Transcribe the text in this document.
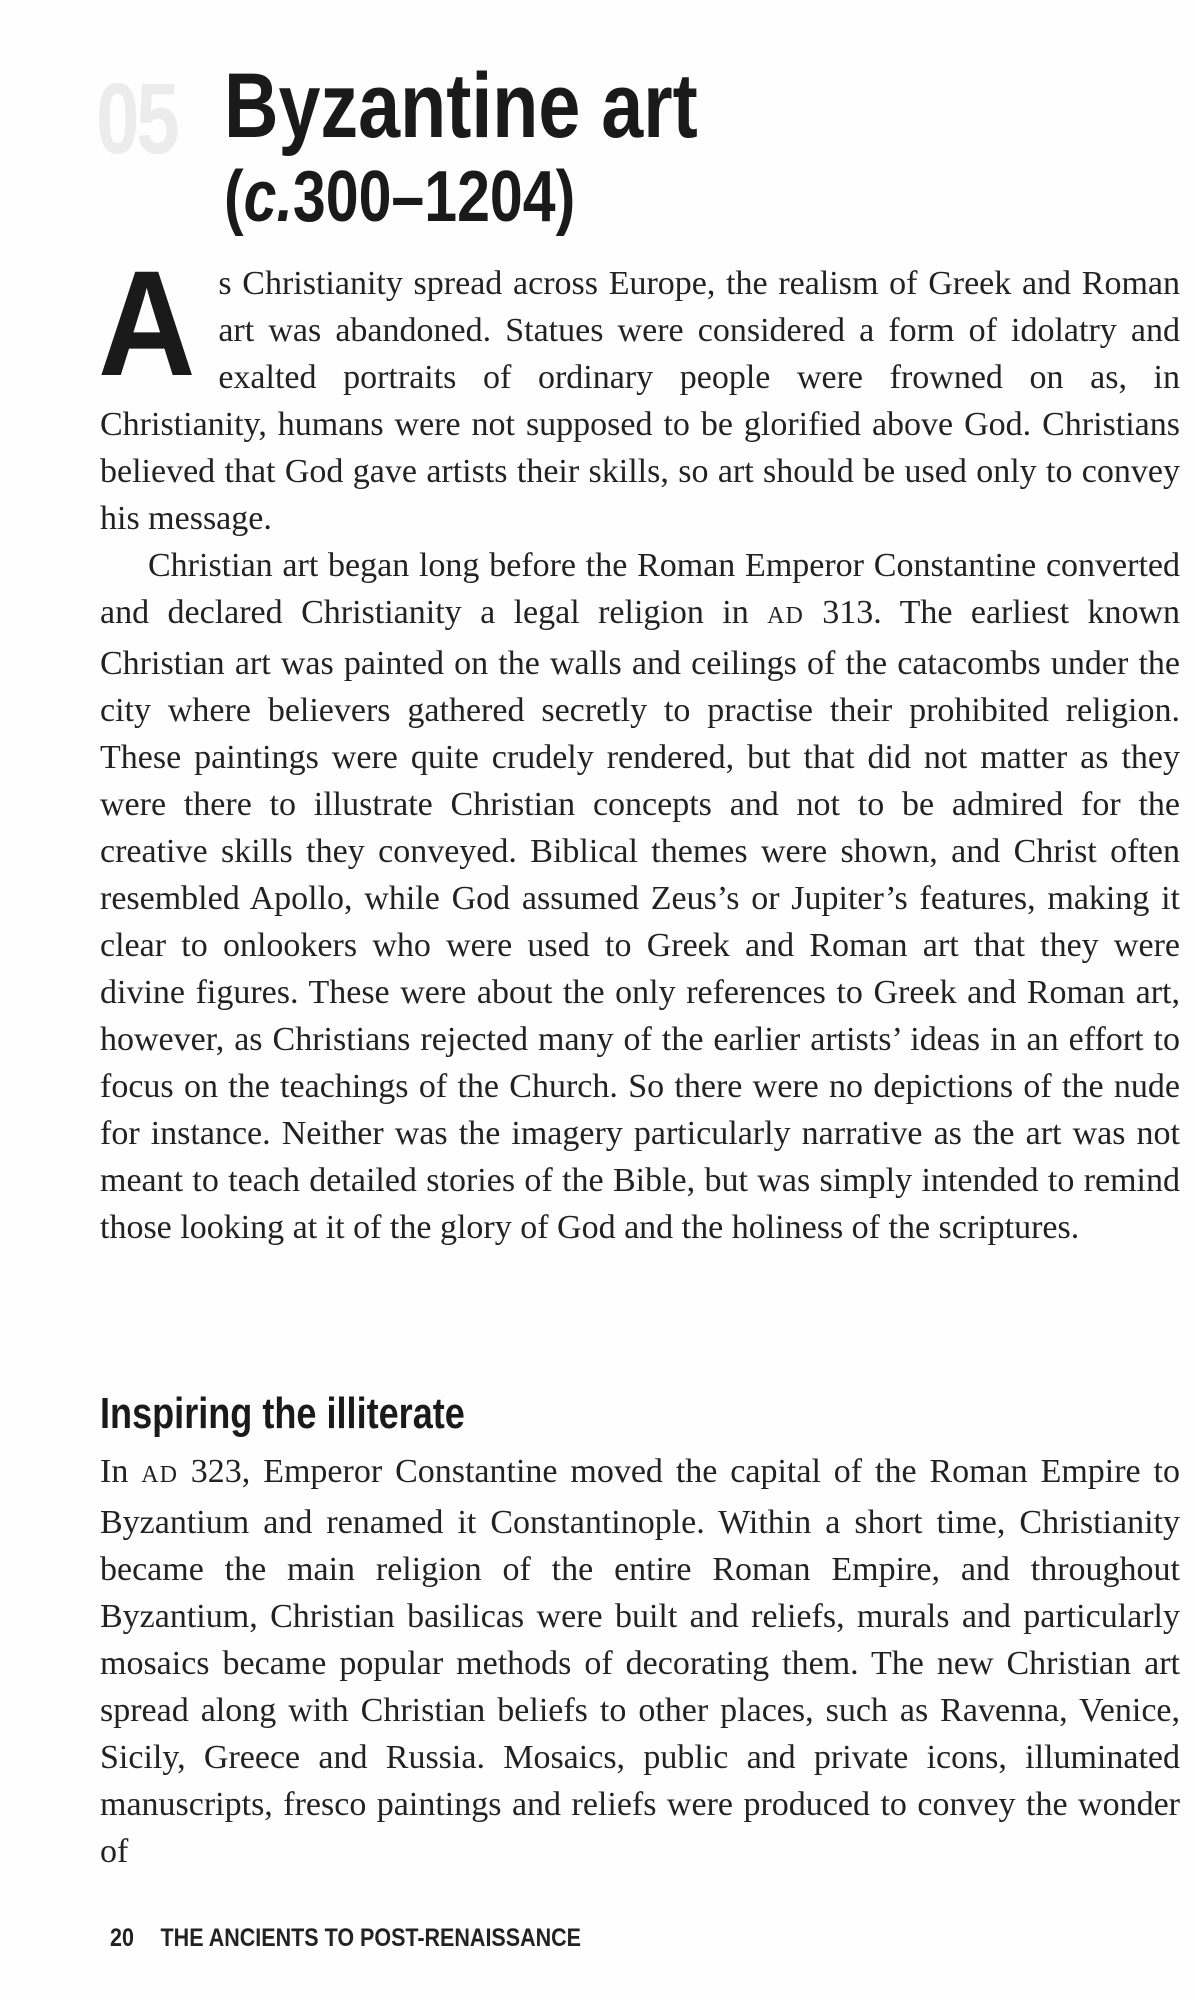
05 Byzantine art
(c.300–1204)

As Christianity spread across Europe, the realism of Greek and Roman art was abandoned. Statues were considered a form of idolatry and exalted portraits of ordinary people were frowned on as, in Christianity, humans were not supposed to be glorified above God. Christians believed that God gave artists their skills, so art should be used only to convey his message.

Christian art began long before the Roman Emperor Constantine converted and declared Christianity a legal religion in AD 313. The earliest known Christian art was painted on the walls and ceilings of the catacombs under the city where believers gathered secretly to practise their prohibited religion. These paintings were quite crudely rendered, but that did not matter as they were there to illustrate Christian concepts and not to be admired for the creative skills they conveyed. Biblical themes were shown, and Christ often resembled Apollo, while God assumed Zeus’s or Jupiter’s features, making it clear to onlookers who were used to Greek and Roman art that they were divine figures. These were about the only references to Greek and Roman art, however, as Christians rejected many of the earlier artists’ ideas in an effort to focus on the teachings of the Church. So there were no depictions of the nude for instance. Neither was the imagery particularly narrative as the art was not meant to teach detailed stories of the Bible, but was simply intended to remind those looking at it of the glory of God and the holiness of the scriptures.

Inspiring the illiterate

In AD 323, Emperor Constantine moved the capital of the Roman Empire to Byzantium and renamed it Constantinople. Within a short time, Christianity became the main religion of the entire Roman Empire, and throughout Byzantium, Christian basilicas were built and reliefs, murals and particularly mosaics became popular methods of decorating them. The new Christian art spread along with Christian beliefs to other places, such as Ravenna, Venice, Sicily, Greece and Russia. Mosaics, public and private icons, illuminated manuscripts, fresco paintings and reliefs were produced to convey the wonder of

20 THE ANCIENTS TO POST-RENAISSANCE
